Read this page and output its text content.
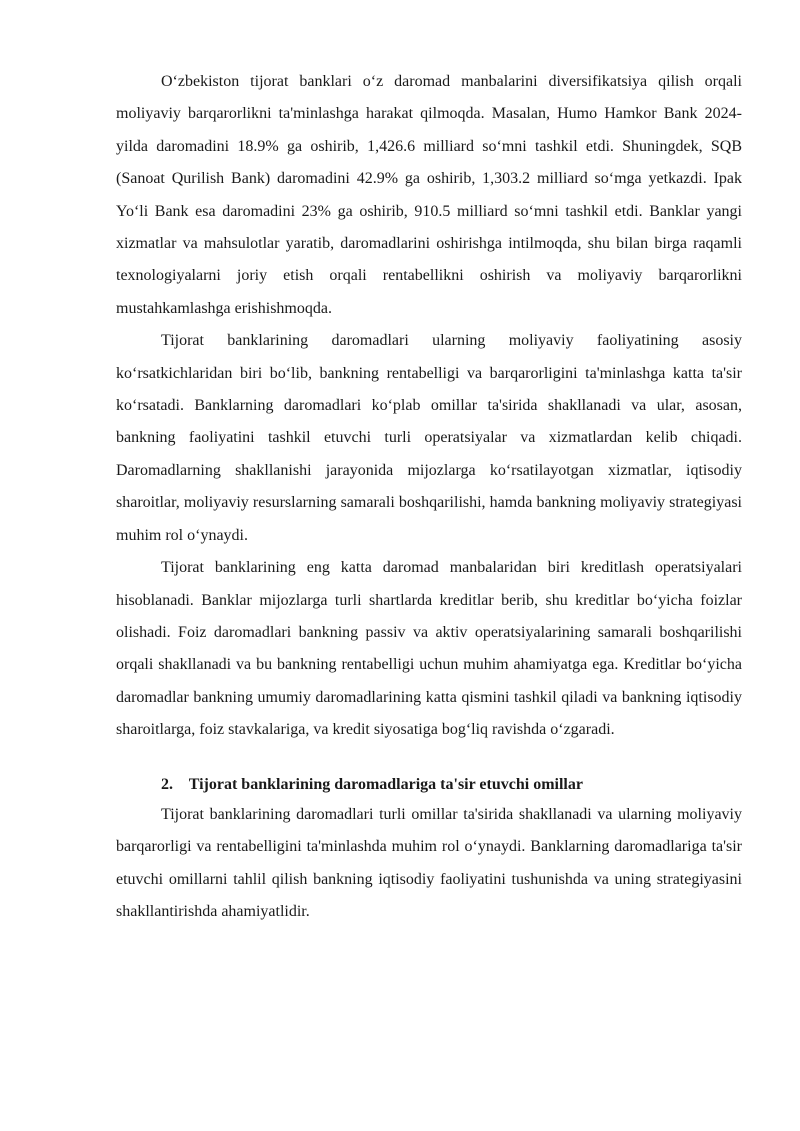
O‘zbekiston tijorat banklari o‘z daromad manbalarini diversifikatsiya qilish orqali moliyaviy barqarorlikni ta'minlashga harakat qilmoqda. Masalan, Humo Hamkor Bank 2024-yilda daromadini 18.9% ga oshirib, 1,426.6 milliard so‘mni tashkil etdi. Shuningdek, SQB (Sanoat Qurilish Bank) daromadini 42.9% ga oshirib, 1,303.2 milliard so‘mga yetkazdi. Ipak Yo‘li Bank esa daromadini 23% ga oshirib, 910.5 milliard so‘mni tashkil etdi. Banklar yangi xizmatlar va mahsulotlar yaratib, daromadlarini oshirishga intilmoqda, shu bilan birga raqamli texnologiyalarni joriy etish orqali rentabellikni oshirish va moliyaviy barqarorlikni mustahkamlashga erishishmoqda.

Tijorat banklarining daromadlari ularning moliyaviy faoliyatining asosiy ko‘rsatkichlaridan biri bo‘lib, bankning rentabelligi va barqarorligini ta'minlashga katta ta'sir ko‘rsatadi. Banklarning daromadlari ko‘plab omillar ta'sirida shakllanadi va ular, asosan, bankning faoliyatini tashkil etuvchi turli operatsiyalar va xizmatlardan kelib chiqadi. Daromadlarning shakllanishi jarayonida mijozlarga ko‘rsatilayotgan xizmatlar, iqtisodiy sharoitlar, moliyaviy resurslarning samarali boshqarilishi, hamda bankning moliyaviy strategiyasi muhim rol o‘ynaydi.

Tijorat banklarining eng katta daromad manbalaridan biri kreditlash operatsiyalari hisoblanadi. Banklar mijozlarga turli shartlarda kreditlar berib, shu kreditlar bo‘yicha foizlar olishadi. Foiz daromadlari bankning passiv va aktiv operatsiyalarining samarali boshqarilishi orqali shakllanadi va bu bankning rentabelligi uchun muhim ahamiyatga ega. Kreditlar bo‘yicha daromadlar bankning umumiy daromadlarining katta qismini tashkil qiladi va bankning iqtisodiy sharoitlarga, foiz stavkalariga, va kredit siyosatiga bog‘liq ravishda o‘zgaradi.

2. Tijorat banklarining daromadlariga ta'sir etuvchi omillar

Tijorat banklarining daromadlari turli omillar ta'sirida shakllanadi va ularning moliyaviy barqarorligi va rentabelligini ta'minlashda muhim rol o‘ynaydi. Banklarning daromadlariga ta'sir etuvchi omillarni tahlil qilish bankning iqtisodiy faoliyatini tushunishda va uning strategiyasini shakllantirishda ahamiyatlidir.
